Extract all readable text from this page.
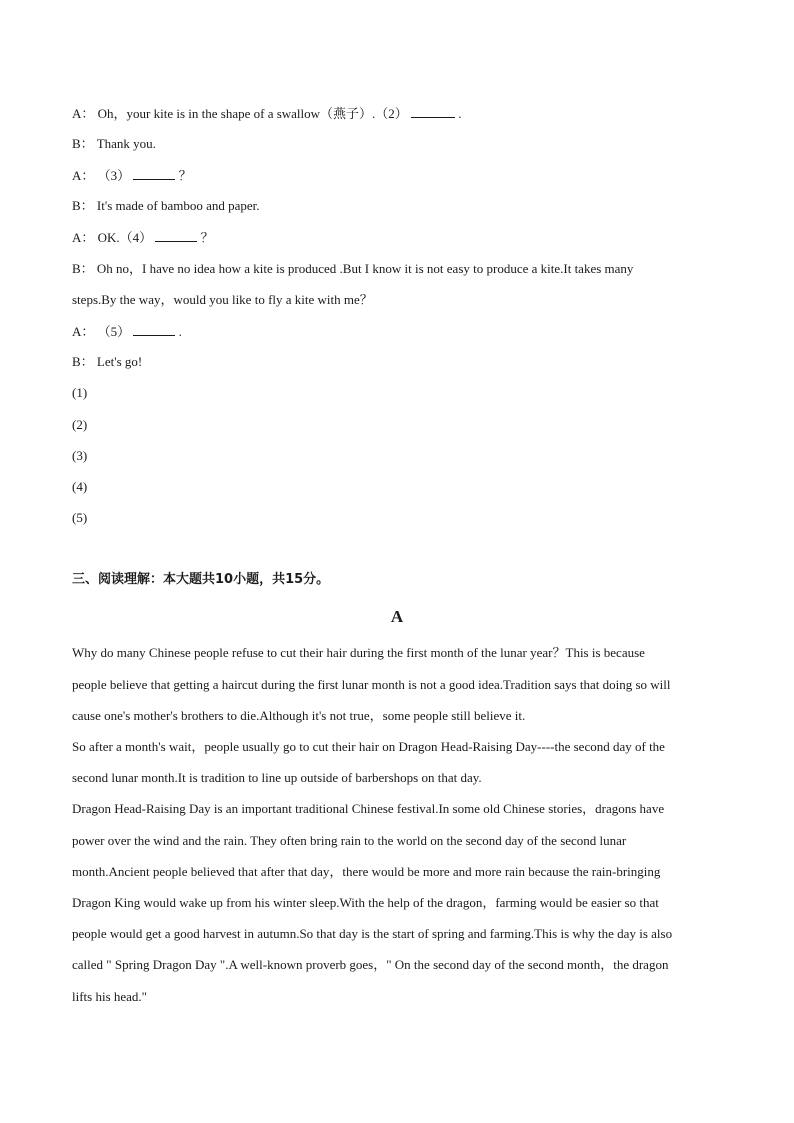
A： Oh，your kite is in the shape of a swallow（燕子）.（2）	.
B： Thank you.
A： （3）	？
B： It's made of bamboo and paper.
A： OK.（4）	？
B： Oh no，I have no idea how a kite is produced .But I know it is not easy to produce a kite.It takes many
steps.By the way，would you like to fly a kite with me？
A： （5）	.
B： Let's go!
(1)
(2)
(3)
(4)
(5)
三、阅读理解：本大题共10小题，共15分。
A
Why do many Chinese people refuse to cut their hair during the first month of the lunar year？This is because
people believe that getting a haircut during the first lunar month is not a good idea.Tradition says that doing so will
cause one's mother's brothers to die.Although it's not true，some people still believe it.
So after a month's wait，people usually go to cut their hair on Dragon Head-Raising Day----the second day of the
second lunar month.It is tradition to line up outside of barbershops on that day.
Dragon Head-Raising Day is an important traditional Chinese festival.In some old Chinese stories，dragons have
power over the wind and the rain. They often bring rain to the world on the second day of the second lunar
month.Ancient people believed that after that day，there would be more and more rain because the rain-bringing
Dragon King would wake up from his winter sleep.With the help of the dragon，farming would be easier so that
people would get a good harvest in autumn.So that day is the start of spring and farming.This is why the day is also
called " Spring Dragon Day ".A well-known proverb goes，" On the second day of the second month，the dragon
lifts his head."
